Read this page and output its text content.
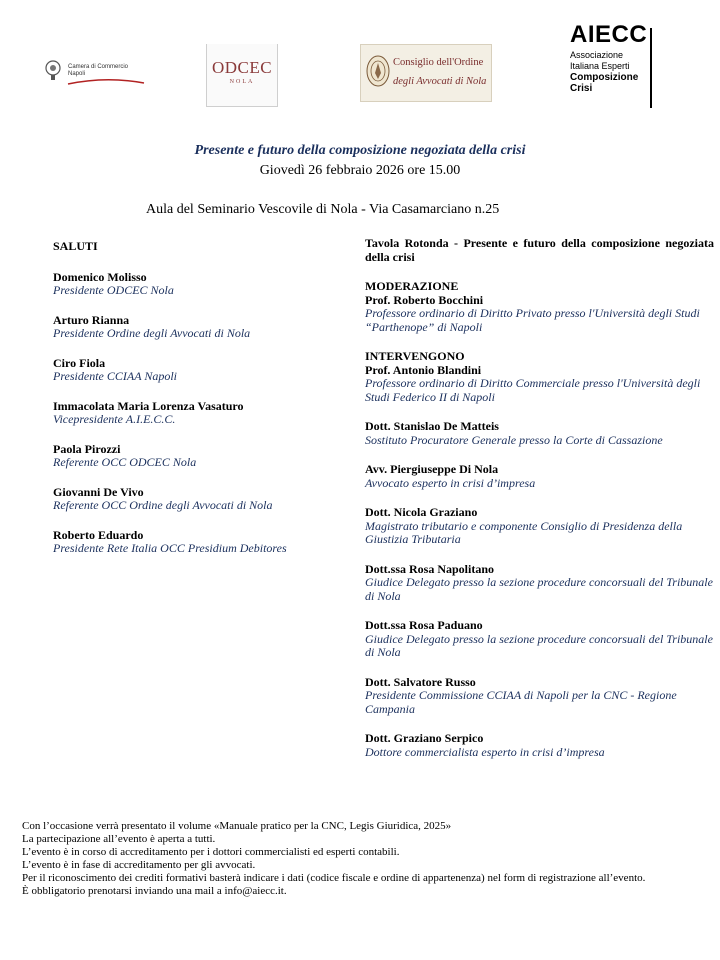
Camera di Commercio
Napoli	ODCEC
NOLA
Consiglio dell'Ordine
degli Avvocati di Nola
AIECC
Associazione
Italiana Esperti
Composizione
Crisi
Presente e futuro della composizione negoziata della crisi
Giovedì 26 febbraio 2026 ore 15.00
Aula del Seminario Vescovile di Nola - Via Casamarciano n.25
SALUTI
Domenico Molisso
Presidente ODCEC Nola
Arturo Rianna
Presidente Ordine degli Avvocati di Nola
Ciro Fiola
Presidente CCIAA Napoli
Immacolata Maria Lorenza Vasaturo
Vicepresidente A.I.E.C.C.
Paola Pirozzi
Referente OCC ODCEC Nola
Giovanni De Vivo
Referente OCC Ordine degli Avvocati di Nola
Roberto Eduardo
Presidente Rete Italia OCC Presidium Debitores
Tavola Rotonda - Presente e futuro della composizione negoziata della crisi
MODERAZIONE
Prof. Roberto Bocchini
Professore ordinario di Diritto Privato presso l'Università degli Studi “Parthenope” di Napoli
INTERVENGONO
Prof. Antonio Blandini
Professore ordinario di Diritto Commerciale presso l'Università degli Studi Federico II di Napoli
Dott. Stanislao De Matteis
Sostituto Procuratore Generale presso la Corte di Cassazione
Avv. Piergiuseppe Di Nola
Avvocato esperto in crisi d’impresa
Dott. Nicola Graziano
Magistrato tributario e componente Consiglio di Presidenza della Giustizia Tributaria
Dott.ssa Rosa Napolitano
Giudice Delegato presso la sezione procedure concorsuali del Tribunale di Nola
Dott.ssa Rosa Paduano
Giudice Delegato presso la sezione procedure concorsuali del Tribunale di Nola
Dott. Salvatore Russo
Presidente Commissione CCIAA di Napoli per la CNC - Regione Campania
Dott. Graziano Serpico
Dottore commercialista esperto in crisi d’impresa
Con l’occasione verrà presentato il volume «Manuale pratico per la CNC, Legis Giuridica, 2025»
La partecipazione all’evento è aperta a tutti.
L’evento è in corso di accreditamento per i dottori commercialisti ed esperti contabili.
L’evento è in fase di accreditamento per gli avvocati.
Per il riconoscimento dei crediti formativi basterà indicare i dati (codice fiscale e ordine di appartenenza) nel form di registrazione all’evento.
È obbligatorio prenotarsi inviando una mail a info@aiecc.it.
